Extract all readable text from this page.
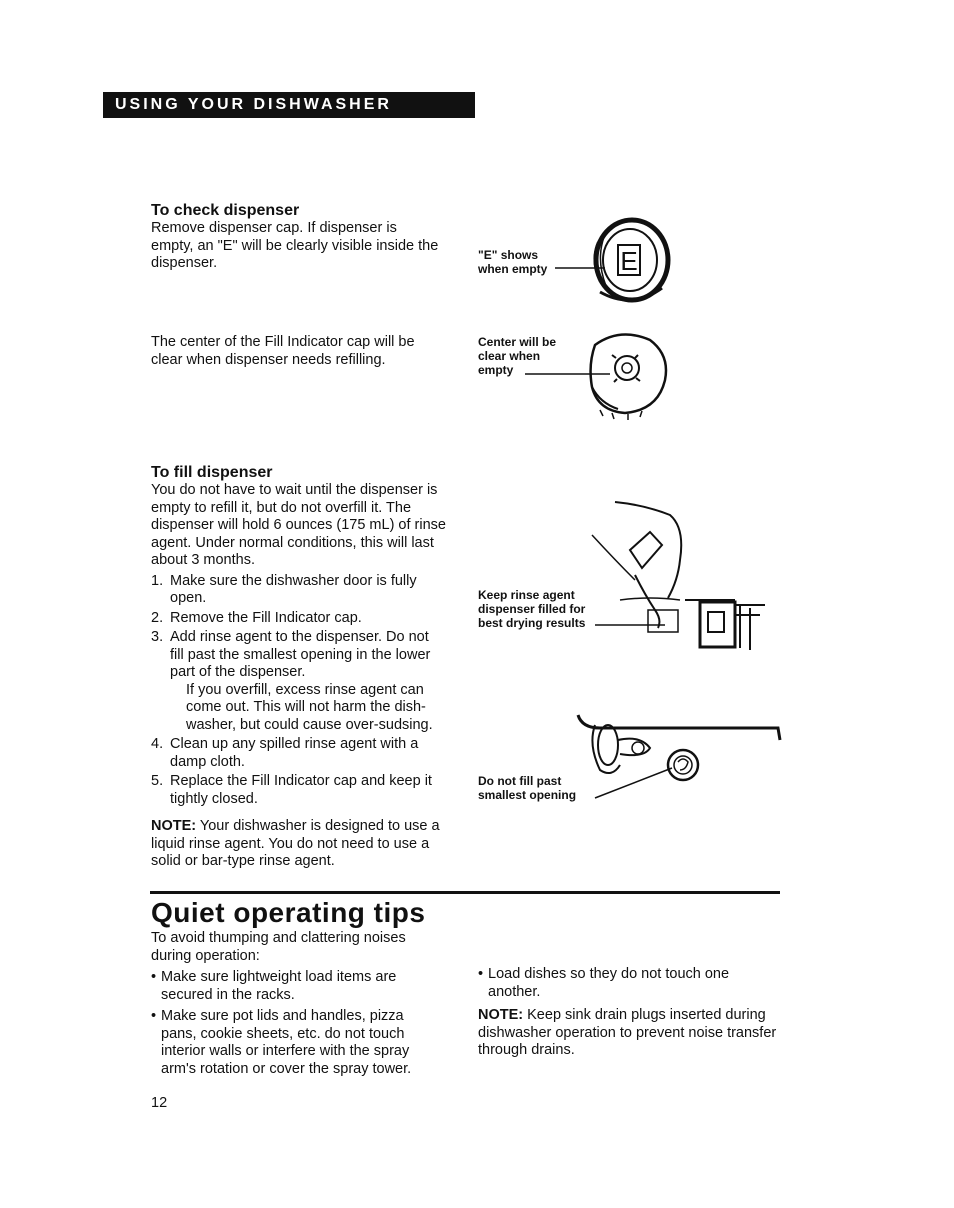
USING YOUR DISHWASHER
To check dispenser

Remove dispenser cap. If dispenser is empty, an "E" will be clearly visible inside the dispenser.	"E" shows when empty	E

The center of the Fill Indicator cap will be clear when dispenser needs refilling.

Center will be clear when empty
To fill dispenser

You do not have to wait until the dispenser is empty to refill it, but do not overfill it. The dispenser will hold 6 ounces (175 mL) of rinse agent. Under normal conditions, this will last about 3 months.

1. Make sure the dishwasher door is fully open.
2. Remove the Fill Indicator cap.
3. Add rinse agent to the dispenser. Do not fill past the smallest opening in the lower part of the dispenser.
If you overfill, excess rinse agent can come out. This will not harm the dish-washer, but could cause over-sudsing.
4. Clean up any spilled rinse agent with a damp cloth.
5. Replace the Fill Indicator cap and keep it tightly closed.

NOTE: Your dishwasher is designed to use a liquid rinse agent. You do not need to use a solid or bar-type rinse agent.

Keep rinse agent dispenser filled for best drying results
Do not fill past smallest opening
Quiet operating tips

To avoid thumping and clattering noises during operation:

• Make sure lightweight load items are secured in the racks.
• Make sure pot lids and handles, pizza pans, cookie sheets, etc. do not touch interior walls or interfere with the spray arm's rotation or cover the spray tower.
• Load dishes so they do not touch one another.

NOTE: Keep sink drain plugs inserted during dishwasher operation to prevent noise transfer through drains.

12
